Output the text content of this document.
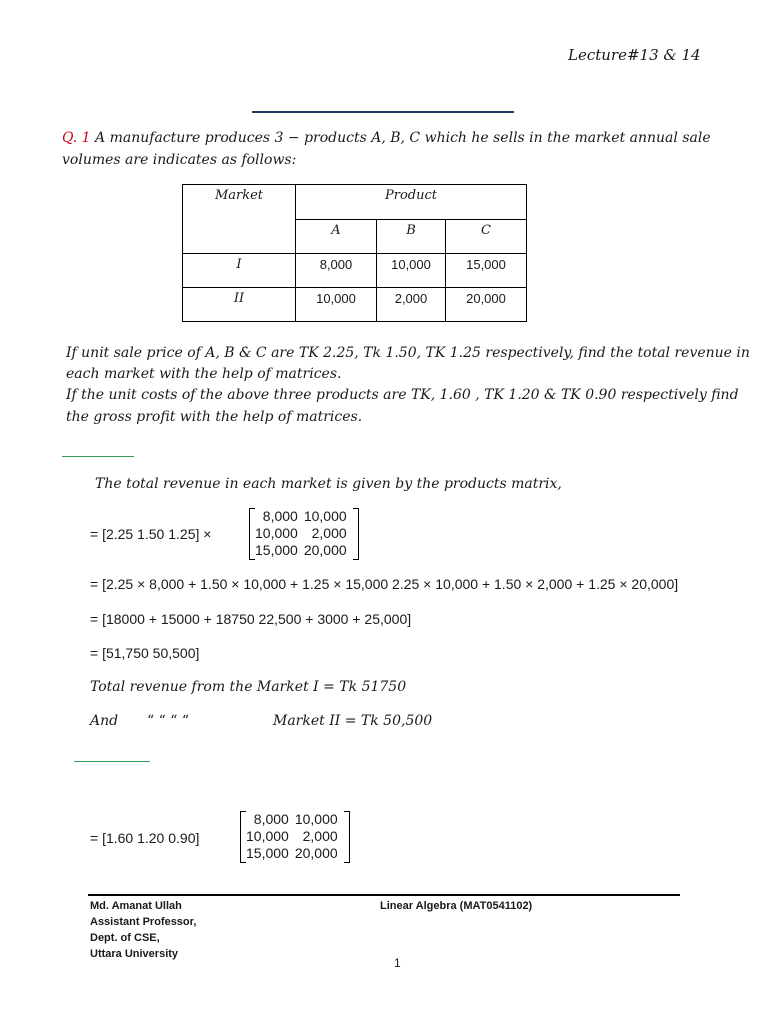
Lecture#13 & 14
Q. 1 A manufacture produces 3 − products A, B, C which he sells in the market annual sale
volumes are indicates as follows:
Market	Product		

	A	B	C

I	8,000	10,000	15,000

II	10,000	2,000	20,000
If unit sale price of A, B & C are TK 2.25, Tk 1.50, TK 1.25 respectively, find the total revenue in
each market with the help of matrices.
If the unit costs of the above three products are TK, 1.60 , TK 1.20 & TK 0.90 respectively find
the gross profit with the help of matrices.
The total revenue in each market is given by the products matrix,
= [2.25 1.50 1.25] ×
8,000	10,000
10,000	2,000
15,000	20,000
= [2.25 × 8,000 + 1.50 × 10,000 + 1.25 × 15,000 2.25 × 10,000 + 1.50 × 2,000 + 1.25 × 20,000]
= [18000 + 15000 + 18750 22,500 + 3000 + 25,000]
= [51,750 50,500]
Total revenue from the Market I = Tk 51750
And “ “ “ “	Market II = Tk 50,500
= [1.60 1.20 0.90]
8,000	10,000
10,000	2,000
15,000	20,000
Md. Amanat Ullah
Assistant Professor,
Dept. of CSE,
Uttara University
Linear Algebra (MAT0541102)
1
